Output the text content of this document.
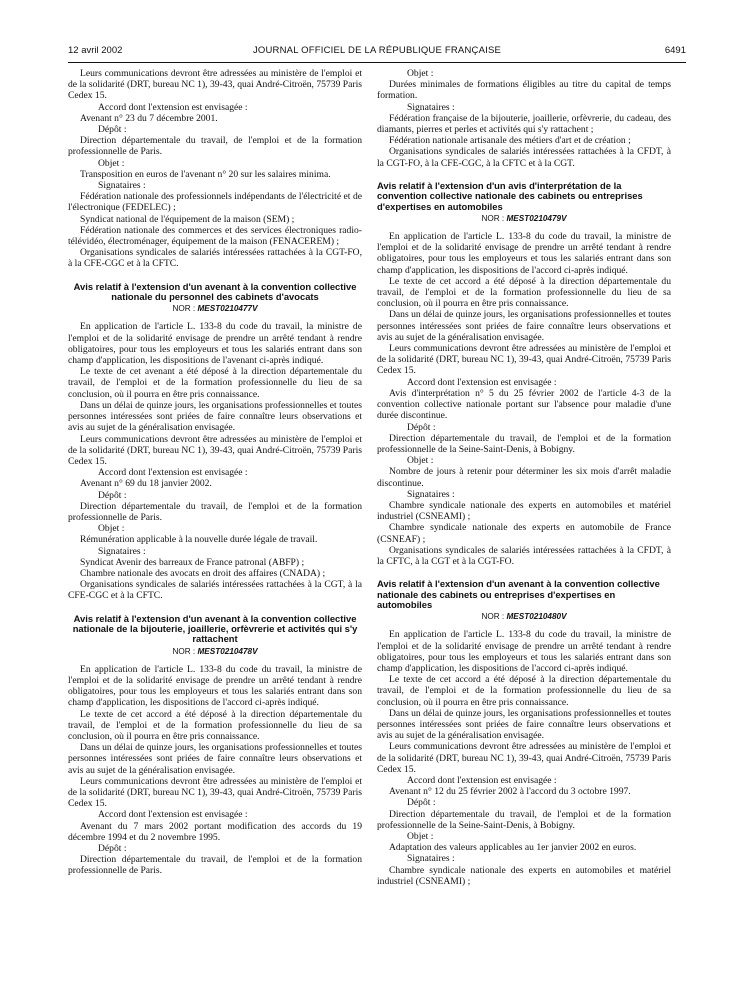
12 avril 2002	JOURNAL OFFICIEL DE LA RÉPUBLIQUE FRANÇAISE	6491

Leurs communications devront être adressées au ministère de l'emploi et de la solidarité (DRT, bureau NC 1), 39-43, quai André-Citroën, 75739 Paris Cedex 15.

Accord dont l'extension est envisagée :

Avenant n° 23 du 7 décembre 2001.

Dépôt :

Direction départementale du travail, de l'emploi et de la formation professionnelle de Paris.

Objet :

Transposition en euros de l'avenant n° 20 sur les salaires minima.

Signataires :

Fédération nationale des professionnels indépendants de l'électricité et de l'électronique (FEDELEC) ;

Syndicat national de l'équipement de la maison (SEM) ;

Fédération nationale des commerces et des services électroniques radio-télévidéo, électroménager, équipement de la maison (FENACEREM) ;

Organisations syndicales de salariés intéressées rattachées à la CGT-FO, à la CFE-CGC et à la CFTC.

Avis relatif à l'extension d'un avenant à la convention collective nationale du personnel des cabinets d'avocats
NOR : MEST0210477V

En application de l'article L. 133-8 du code du travail, la ministre de l'emploi et de la solidarité envisage de prendre un arrêté tendant à rendre obligatoires, pour tous les employeurs et tous les salariés entrant dans son champ d'application, les dispositions de l'avenant ci-après indiqué.

Le texte de cet avenant a été déposé à la direction départementale du travail, de l'emploi et de la formation professionnelle du lieu de sa conclusion, où il pourra en être pris connaissance.

Dans un délai de quinze jours, les organisations professionnelles et toutes personnes intéressées sont priées de faire connaître leurs observations et avis au sujet de la généralisation envisagée.

Leurs communications devront être adressées au ministère de l'emploi et de la solidarité (DRT, bureau NC 1), 39-43, quai André-Citroën, 75739 Paris Cedex 15.

Accord dont l'extension est envisagée :

Avenant n° 69 du 18 janvier 2002.

Dépôt :

Direction départementale du travail, de l'emploi et de la formation professionnelle de Paris.

Objet :

Rémunération applicable à la nouvelle durée légale de travail.

Signataires :

Syndicat Avenir des barreaux de France patronal (ABFP) ;

Chambre nationale des avocats en droit des affaires (CNADA) ;

Organisations syndicales de salariés intéressées rattachées à la CGT, à la CFE-CGC et à la CFTC.

Avis relatif à l'extension d'un avenant à la convention collective nationale de la bijouterie, joaillerie, orfèvrerie et activités qui s'y rattachent
NOR : MEST0210478V

En application de l'article L. 133-8 du code du travail, la ministre de l'emploi et de la solidarité envisage de prendre un arrêté tendant à rendre obligatoires, pour tous les employeurs et tous les salariés entrant dans son champ d'application, les dispositions de l'accord ci-après indiqué.

Le texte de cet accord a été déposé à la direction départementale du travail, de l'emploi et de la formation professionnelle du lieu de sa conclusion, où il pourra en être pris connaissance.

Dans un délai de quinze jours, les organisations professionnelles et toutes personnes intéressées sont priées de faire connaître leurs observations et avis au sujet de la généralisation envisagée.

Leurs communications devront être adressées au ministère de l'emploi et de la solidarité (DRT, bureau NC 1), 39-43, quai André-Citroën, 75739 Paris Cedex 15.

Accord dont l'extension est envisagée :

Avenant du 7 mars 2002 portant modification des accords du 19 décembre 1994 et du 2 novembre 1995.

Dépôt :

Direction départementale du travail, de l'emploi et de la formation professionnelle de Paris.

Objet :

Durées minimales de formations éligibles au titre du capital de temps formation.

Signataires :

Fédération française de la bijouterie, joaillerie, orfèvrerie, du cadeau, des diamants, pierres et perles et activités qui s'y rattachent ;

Fédération nationale artisanale des métiers d'art et de création ;

Organisations syndicales de salariés intéressées rattachées à la CFDT, à la CGT-FO, à la CFE-CGC, à la CFTC et à la CGT.

Avis relatif à l'extension d'un avis d'interprétation de la convention collective nationale des cabinets ou entreprises d'expertises en automobiles
NOR : MEST0210479V

En application de l'article L. 133-8 du code du travail, la ministre de l'emploi et de la solidarité envisage de prendre un arrêté tendant à rendre obligatoires, pour tous les employeurs et tous les salariés entrant dans son champ d'application, les dispositions de l'accord ci-après indiqué.

Le texte de cet accord a été déposé à la direction départementale du travail, de l'emploi et de la formation professionnelle du lieu de sa conclusion, où il pourra en être pris connaissance.

Dans un délai de quinze jours, les organisations professionnelles et toutes personnes intéressées sont priées de faire connaître leurs observations et avis au sujet de la généralisation envisagée.

Leurs communications devront être adressées au ministère de l'emploi et de la solidarité (DRT, bureau NC 1), 39-43, quai André-Citroën, 75739 Paris Cedex 15.

Accord dont l'extension est envisagée :

Avis d'interprétation n° 5 du 25 février 2002 de l'article 4-3 de la convention collective nationale portant sur l'absence pour maladie d'une durée discontinue.

Dépôt :

Direction départementale du travail, de l'emploi et de la formation professionnelle de la Seine-Saint-Denis, à Bobigny.

Objet :

Nombre de jours à retenir pour déterminer les six mois d'arrêt maladie discontinue.

Signataires :

Chambre syndicale nationale des experts en automobiles et matériel industriel (CSNEAMI) ;

Chambre syndicale nationale des experts en automobile de France (CSNEAF) ;

Organisations syndicales de salariés intéressées rattachées à la CFDT, à la CFTC, à la CGT et à la CGT-FO.

Avis relatif à l'extension d'un avenant à la convention collective nationale des cabinets ou entreprises d'expertises en automobiles
NOR : MEST0210480V

En application de l'article L. 133-8 du code du travail, la ministre de l'emploi et de la solidarité envisage de prendre un arrêté tendant à rendre obligatoires, pour tous les employeurs et tous les salariés entrant dans son champ d'application, les dispositions de l'accord ci-après indiqué.

Le texte de cet accord a été déposé à la direction départementale du travail, de l'emploi et de la formation professionnelle du lieu de sa conclusion, où il pourra en être pris connaissance.

Dans un délai de quinze jours, les organisations professionnelles et toutes personnes intéressées sont priées de faire connaître leurs observations et avis au sujet de la généralisation envisagée.

Leurs communications devront être adressées au ministère de l'emploi et de la solidarité (DRT, bureau NC 1), 39-43, quai André-Citroën, 75739 Paris Cedex 15.

Accord dont l'extension est envisagée :

Avenant n° 12 du 25 février 2002 à l'accord du 3 octobre 1997.

Dépôt :

Direction départementale du travail, de l'emploi et de la formation professionnelle de la Seine-Saint-Denis, à Bobigny.

Objet :

Adaptation des valeurs applicables au 1er janvier 2002 en euros.

Signataires :

Chambre syndicale nationale des experts en automobiles et matériel industriel (CSNEAMI) ;
